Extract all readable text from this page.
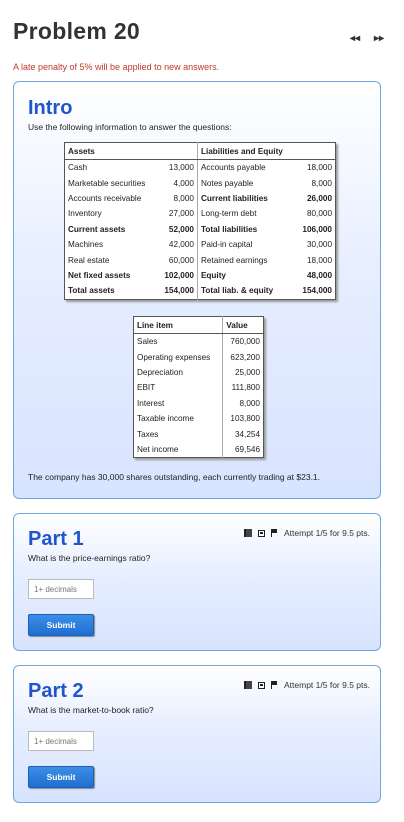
Problem 20	◂◂ ▸▸
A late penalty of 5% will be applied to new answers.
Intro
Use the following information to answer the questions:
Assets		Liabilities and Equity	
Cash	13,000	Accounts payable	18,000
Marketable securities	4,000	Notes payable	8,000
Accounts receivable	8,000	Current liabilities	26,000
Inventory	27,000	Long-term debt	80,000
Current assets	52,000	Total liabilities	106,000
Machines	42,000	Paid-in capital	30,000
Real estate	60,000	Retained earnings	18,000
Net fixed assets	102,000	Equity	48,000
Total assets	154,000	Total liab. & equity	154,000
Line item	Value
Sales	760,000
Operating expenses	623,200
Depreciation	25,000
EBIT	111,800
Interest	8,000
Taxable income	103,800
Taxes	34,254
Net income	69,546
The company has 30,000 shares outstanding, each currently trading at $23.1.
Part 1	Attempt 1/5 for 9.5 pts.
What is the price-earnings ratio?
1+ decimals
Submit
Part 2	Attempt 1/5 for 9.5 pts.
What is the market-to-book ratio?
1+ decimals
Submit
